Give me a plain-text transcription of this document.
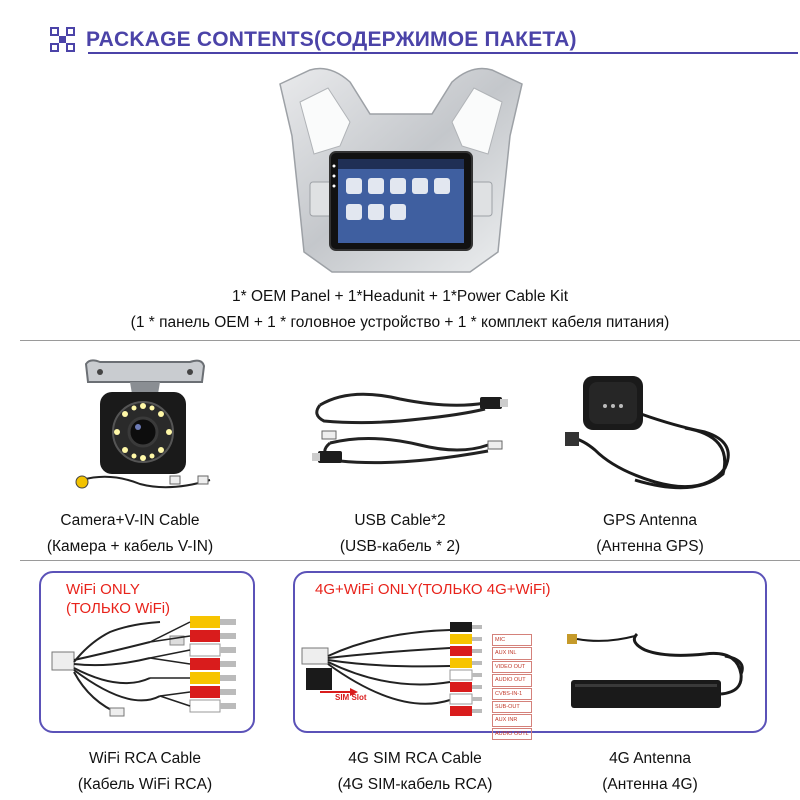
PACKAGE CONTENTS(СОДЕРЖИМОЕ ПАКЕТА)
1* OEM Panel + 1*Headunit + 1*Power Cable Kit
(1 * панель OEM + 1 * головное устройство + 1 * комплект кабеля питания)
Camera+V-IN Cable
(Камера + кабель V-IN)
USB Cable*2
(USB-кабель * 2)
GPS Antenna
(Антенна GPS)
WiFi ONLY
(ТОЛЬКО WiFi)
4G+WiFi ONLY(ТОЛЬКО 4G+WiFi)
SIM Slot
MIC
AUX INL
VIDEO OUT
AUDIO OUT
CVBS-IN-1
SUB-OUT
AUX INR
AUDIO OUTL
WiFi RCA Cable
(Кабель WiFi RCA)
4G SIM RCA Cable
(4G SIM-кабель RCA)
4G Antenna
(Антенна 4G)
